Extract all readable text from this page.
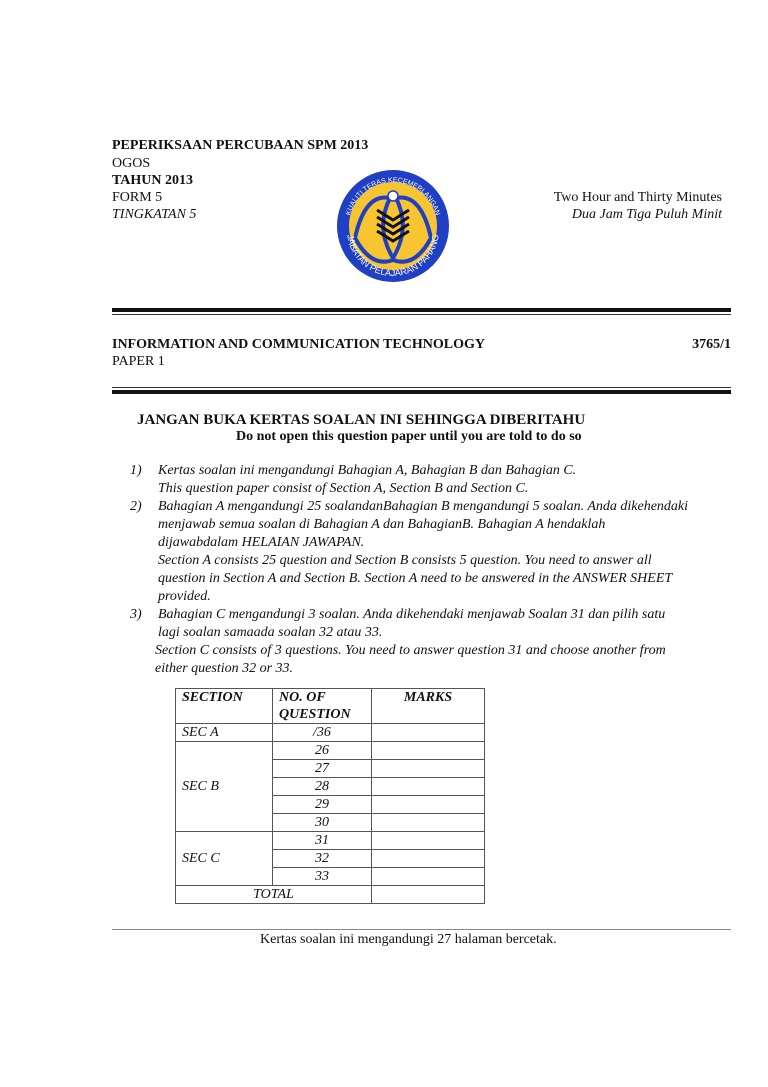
PEPERIKSAAN PERCUBAAN SPM 2013
OGOS
TAHUN 2013
FORM 5
TINGKATAN 5
Two Hour and Thirty Minutes
Dua Jam Tiga Puluh Minit
KUALITI TERAS KECEMERLANGAN
JABATAN PELAJARAN PAHANG
INFORMATION AND COMMUNICATION TECHNOLOGY	3765/1
PAPER 1
JANGAN BUKA KERTAS SOALAN INI SEHINGGA DIBERITAHU
Do not open this question paper until you are told to do so
1) Kertas soalan ini mengandungi Bahagian A, Bahagian B dan Bahagian C.
This question paper consist of Section A, Section B and Section C.
2) Bahagian A mengandungi 25 soalandanBahagian B mengandungi 5 soalan. Anda dikehendaki
menjawab semua soalan di Bahagian A dan BahagianB. Bahagian A hendaklah
dijawabdalam HELAIAN JAWAPAN.
Section A consists 25 question and Section B consists 5 question. You need to answer all
question in Section A and Section B. Section A need to be answered in the ANSWER SHEET
provided.
3) Bahagian C mengandungi 3 soalan. Anda dikehendaki menjawab Soalan 31 dan pilih satu
lagi soalan samaada soalan 32 atau 33.
Section C consists of 3 questions. You need to answer question 31 and choose another from
either question 32 or 33.
SECTION	NO. OF QUESTION	MARKS
SEC A	/36	
SEC B	26	
	27	
	28	
	29	
	30	
SEC C	31	
	32	
	33	
TOTAL		
Kertas soalan ini mengandungi 27 halaman bercetak.
